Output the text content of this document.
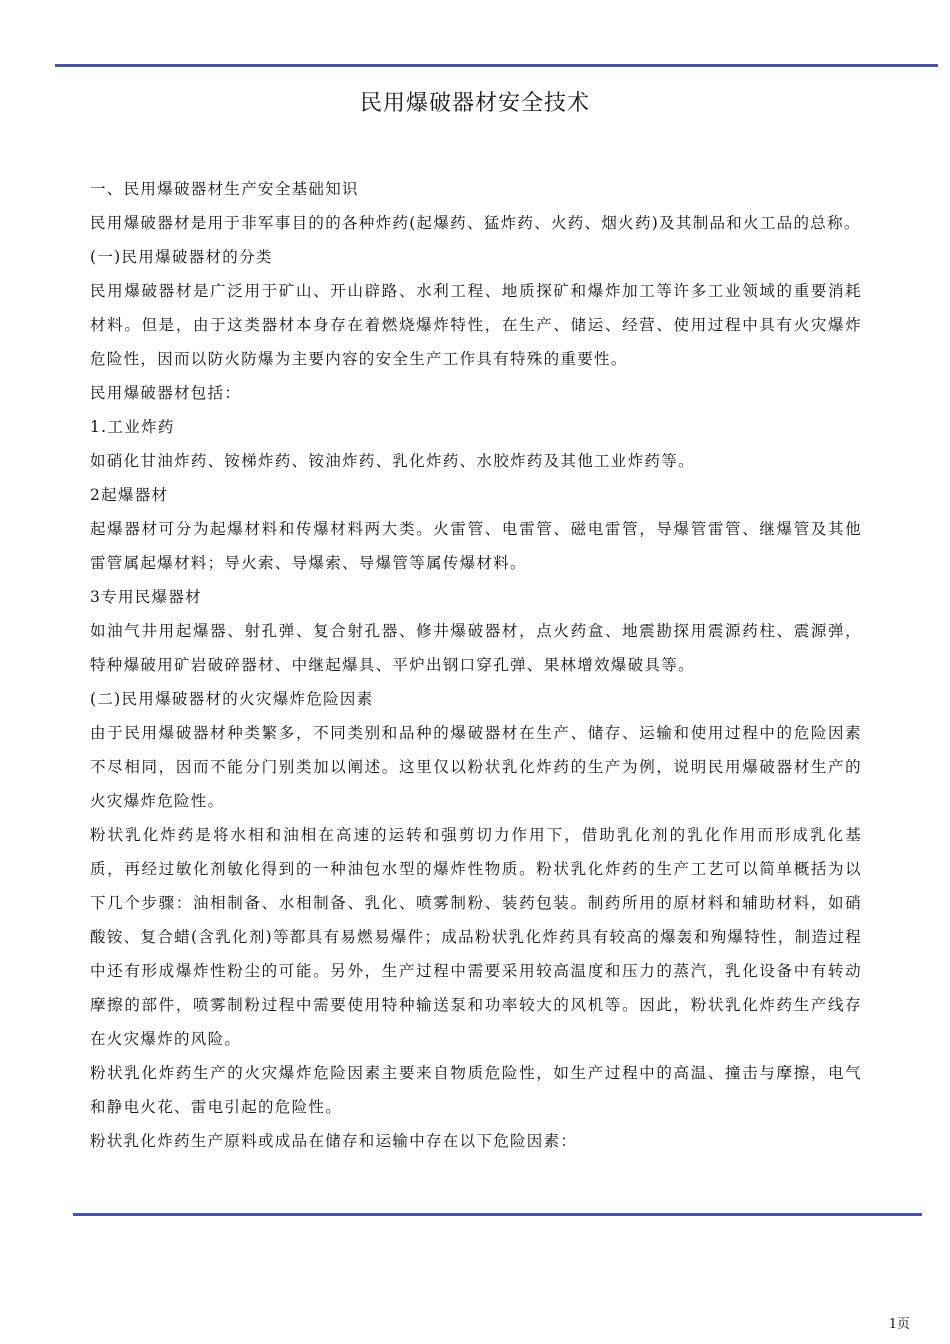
民用爆破器材安全技术

一、民用爆破器材生产安全基础知识

民用爆破器材是用于非军事目的的各种炸药(起爆药、猛炸药、火药、烟火药)及其制品和火工品的总称。

(一)民用爆破器材的分类

民用爆破器材是广泛用于矿山、开山辟路、水利工程、地质探矿和爆炸加工等许多工业领域的重要消耗材料。但是，由于这类器材本身存在着燃烧爆炸特性，在生产、储运、经营、使用过程中具有火灾爆炸危险性，因而以防火防爆为主要内容的安全生产工作具有特殊的重要性。

民用爆破器材包括：

1.工业炸药

如硝化甘油炸药、铵梯炸药、铵油炸药、乳化炸药、水胶炸药及其他工业炸药等。

2起爆器材

起爆器材可分为起爆材料和传爆材料两大类。火雷管、电雷管、磁电雷管，导爆管雷管、继爆管及其他雷管属起爆材料；导火索、导爆索、导爆管等属传爆材料。

3专用民爆器材

如油气井用起爆器、射孔弹、复合射孔器、修井爆破器材，点火药盒、地震勘探用震源药柱、震源弹，特种爆破用矿岩破碎器材、中继起爆具、平炉出钢口穿孔弹、果林增效爆破具等。

(二)民用爆破器材的火灾爆炸危险因素

由于民用爆破器材种类繁多，不同类别和品种的爆破器材在生产、储存、运输和使用过程中的危险因素不尽相同，因而不能分门别类加以阐述。这里仅以粉状乳化炸药的生产为例，说明民用爆破器材生产的火灾爆炸危险性。

粉状乳化炸药是将水相和油相在高速的运转和强剪切力作用下，借助乳化剂的乳化作用而形成乳化基质，再经过敏化剂敏化得到的一种油包水型的爆炸性物质。粉状乳化炸药的生产工艺可以简单概括为以下几个步骤：油相制备、水相制备、乳化、喷雾制粉、装药包装。制药所用的原材料和辅助材料，如硝酸铵、复合蜡(含乳化剂)等都具有易燃易爆件；成品粉状乳化炸药具有较高的爆轰和殉爆特性，制造过程中还有形成爆炸性粉尘的可能。另外，生产过程中需要采用较高温度和压力的蒸汽，乳化设备中有转动摩擦的部件，喷雾制粉过程中需要使用特种输送泵和功率较大的风机等。因此，粉状乳化炸药生产线存在火灾爆炸的风险。

粉状乳化炸药生产的火灾爆炸危险因素主要来自物质危险性，如生产过程中的高温、撞击与摩擦，电气和静电火花、雷电引起的危险性。

粉状乳化炸药生产原料或成品在储存和运输中存在以下危险因素：

1页
